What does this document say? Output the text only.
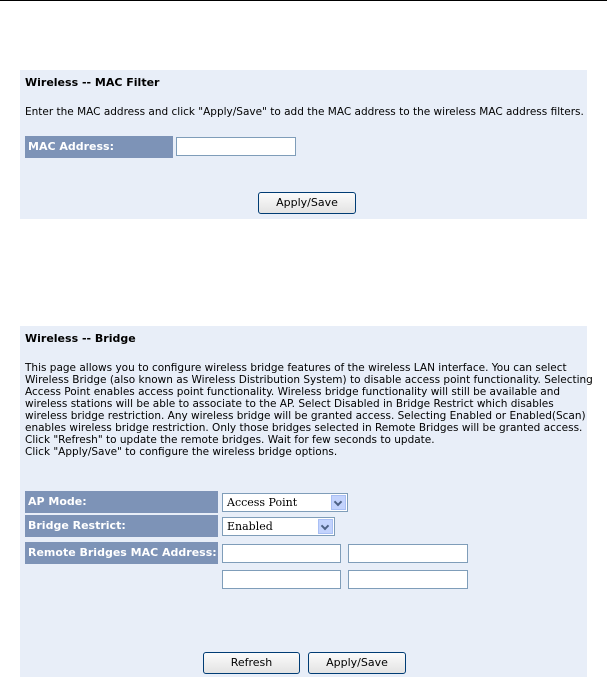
Wireless -- MAC Filter
Enter the MAC address and click "Apply/Save" to add the MAC address to the wireless MAC address filters.
MAC Address:
Apply/Save
Wireless -- Bridge
This page allows you to configure wireless bridge features of the wireless LAN interface. You can select
Wireless Bridge (also known as Wireless Distribution System) to disable access point functionality. Selecting
Access Point enables access point functionality. Wireless bridge functionality will still be available and
wireless stations will be able to associate to the AP. Select Disabled in Bridge Restrict which disables
wireless bridge restriction. Any wireless bridge will be granted access. Selecting Enabled or Enabled(Scan)
enables wireless bridge restriction. Only those bridges selected in Remote Bridges will be granted access.
Click "Refresh" to update the remote bridges. Wait for few seconds to update.
Click "Apply/Save" to configure the wireless bridge options.
AP Mode:	Access Point
Bridge Restrict:	Enabled
Remote Bridges MAC Address:
Refresh	Apply/Save
